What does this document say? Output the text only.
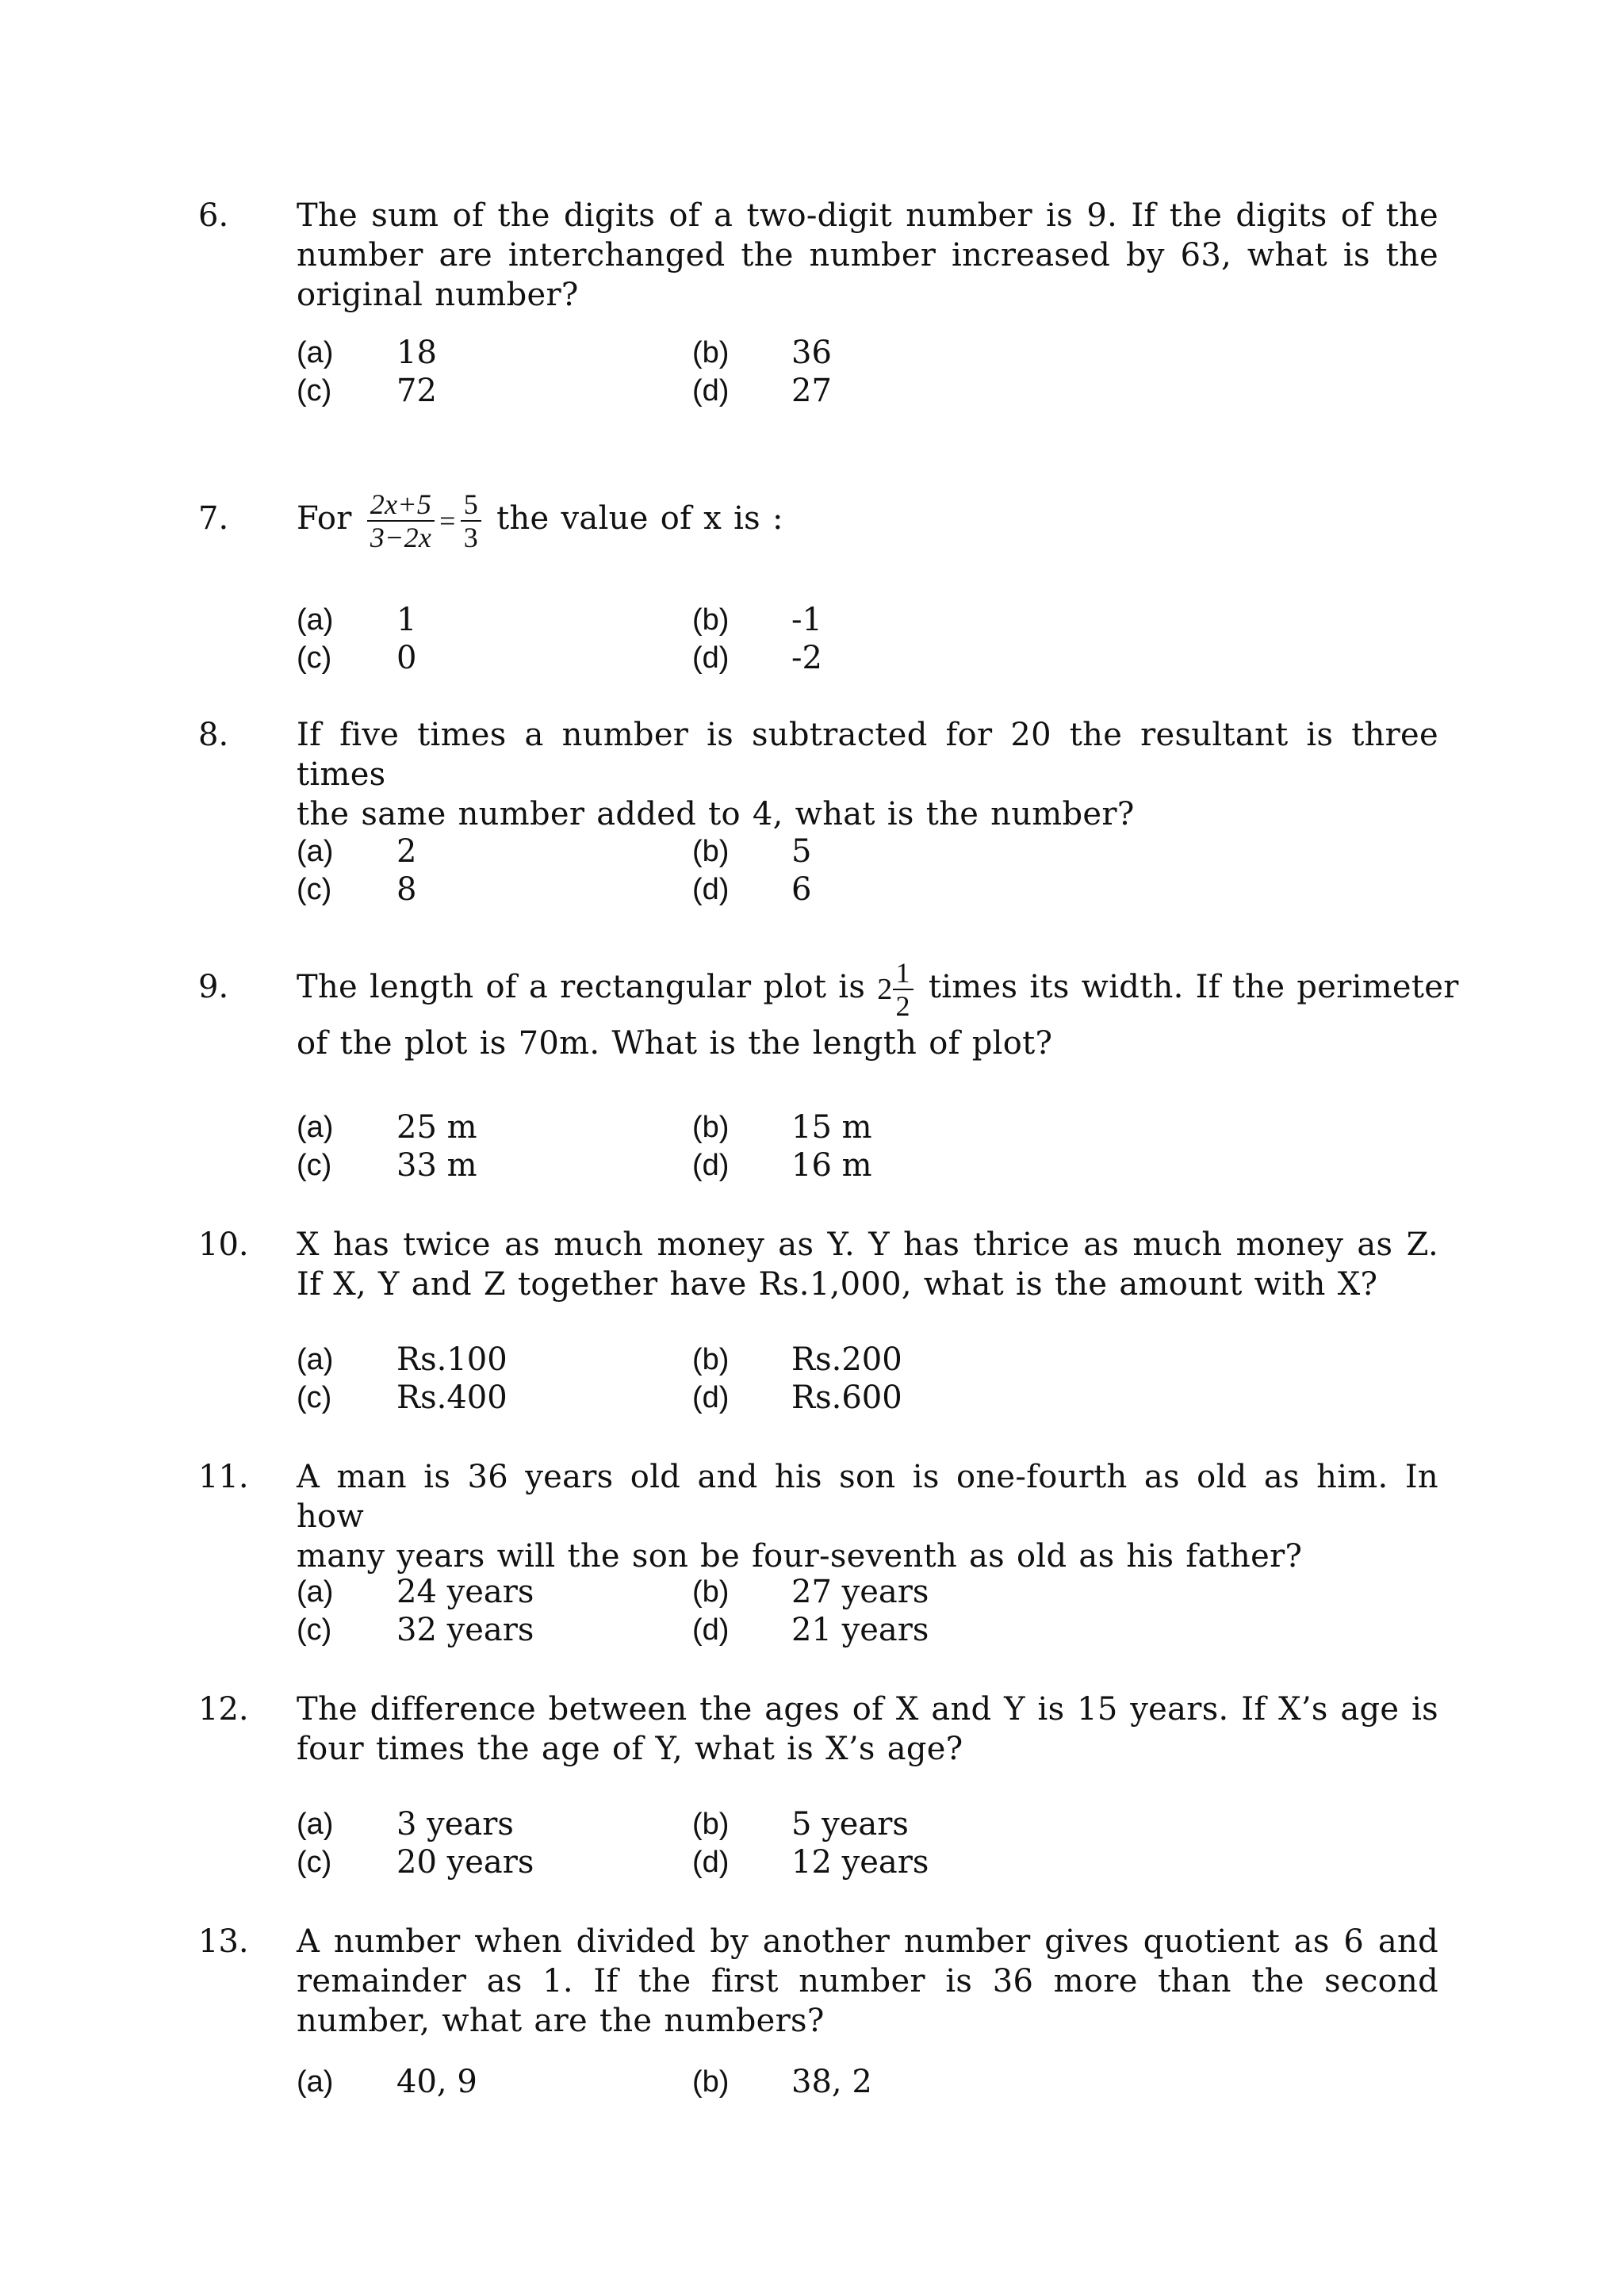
6. The sum of the digits of a two-digit number is 9. If the digits of the
number are interchanged the number increased by 63, what is the
original number?
(a) 18	(b) 36
(c) 72	(d) 27
7. For $\frac{2x+5}{3-2x} = \frac{5}{3}$ the value of x is :
(a) 1	(b) -1
(c) 0	(d) -2
8. If five times a number is subtracted for 20 the resultant is three times
the same number added to 4, what is the number?
(a) 2	(b) 5
(c) 8	(d) 6
9. The length of a rectangular plot is $2 \frac{1}{2}$ times its width. If the perimeter
of the plot is 70m. What is the length of plot?
(a) 25 m	(b) 15 m
(c) 33 m	(d) 16 m
10. X has twice as much money as Y. Y has thrice as much money as Z.
If X, Y and Z together have Rs.1,000, what is the amount with X?
(a) Rs.100	(b) Rs.200
(c) Rs.400	(d) Rs.600
11. A man is 36 years old and his son is one-fourth as old as him. In how
many years will the son be four-seventh as old as his father?
(a) 24 years	(b) 27 years
(c) 32 years	(d) 21 years
12. The difference between the ages of X and Y is 15 years. If X’s age is
four times the age of Y, what is X’s age?
(a) 3 years	(b) 5 years
(c) 20 years	(d) 12 years
13. A number when divided by another number gives quotient as 6 and
remainder as 1. If the first number is 36 more than the second
number, what are the numbers?
(a) 40, 9	(b) 38, 2
